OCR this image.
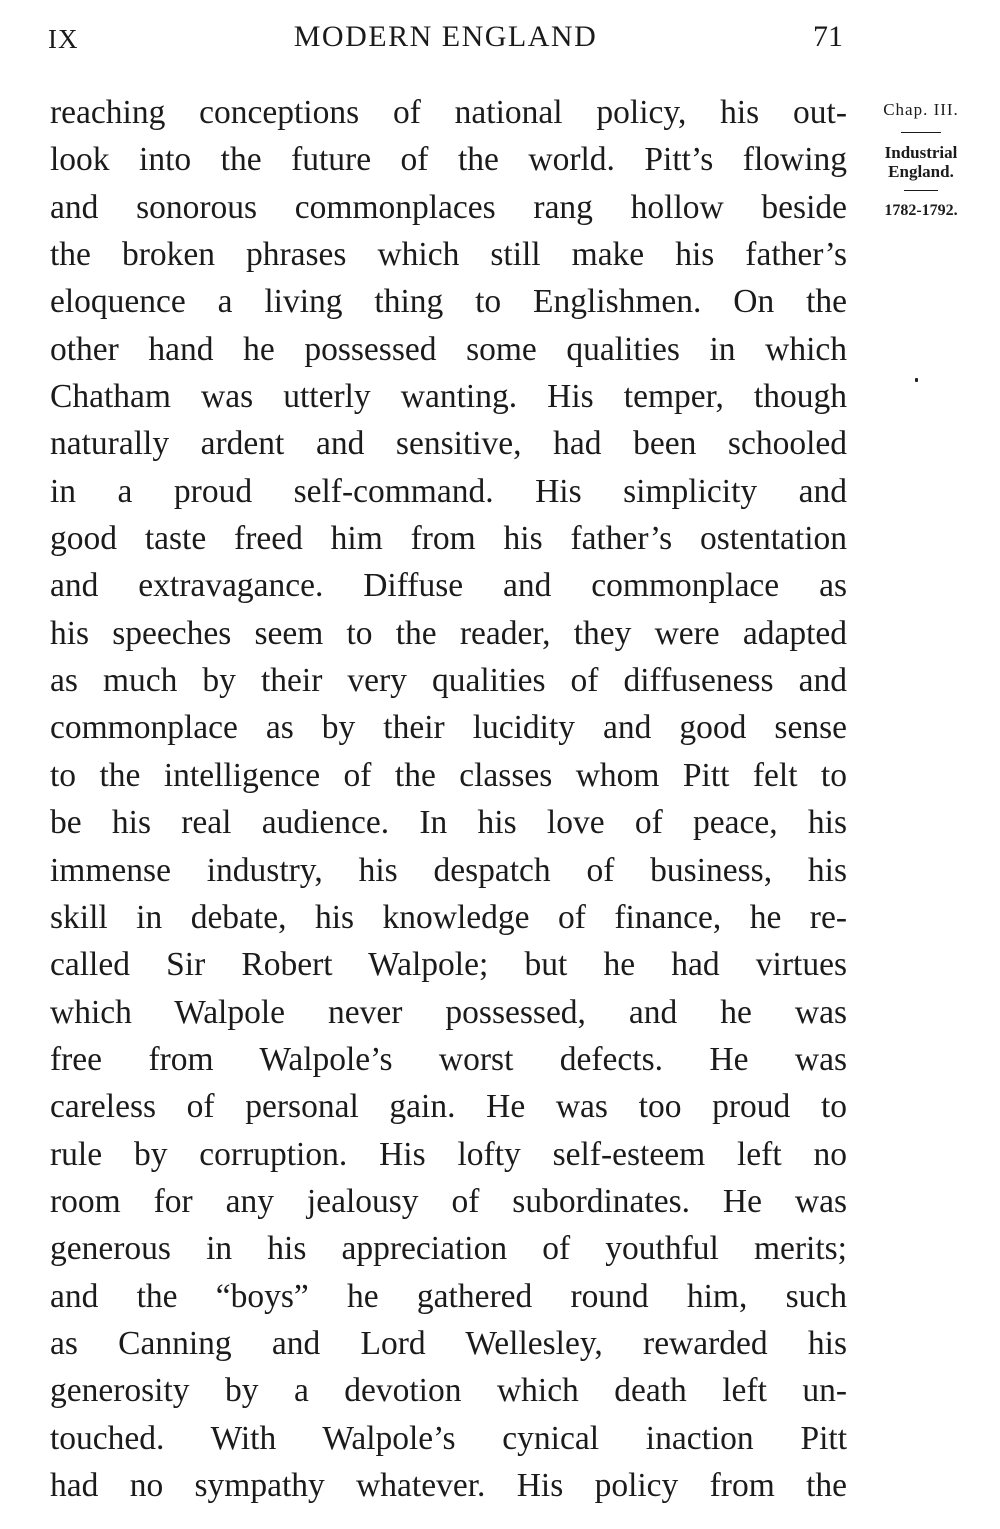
IX	MODERN ENGLAND	71
Chap. III.
Industrial England.
1782-1792.
reaching conceptions of national policy, his out-
look into the future of the world. Pitt’s flowing
and sonorous commonplaces rang hollow beside
the broken phrases which still make his father’s
eloquence a living thing to Englishmen. On the
other hand he possessed some qualities in which
Chatham was utterly wanting. His temper, though
naturally ardent and sensitive, had been schooled
in a proud self-command. His simplicity and
good taste freed him from his father’s ostentation
and extravagance. Diffuse and commonplace as
his speeches seem to the reader, they were adapted
as much by their very qualities of diffuseness and
commonplace as by their lucidity and good sense
to the intelligence of the classes whom Pitt felt to
be his real audience. In his love of peace, his
immense industry, his despatch of business, his
skill in debate, his knowledge of finance, he re-
called Sir Robert Walpole; but he had virtues
which Walpole never possessed, and he was
free from Walpole’s worst defects. He was
careless of personal gain. He was too proud to
rule by corruption. His lofty self-esteem left no
room for any jealousy of subordinates. He was
generous in his appreciation of youthful merits;
and the “boys” he gathered round him, such
as Canning and Lord Wellesley, rewarded his
generosity by a devotion which death left un-
touched. With Walpole’s cynical inaction Pitt
had no sympathy whatever. His policy from the
